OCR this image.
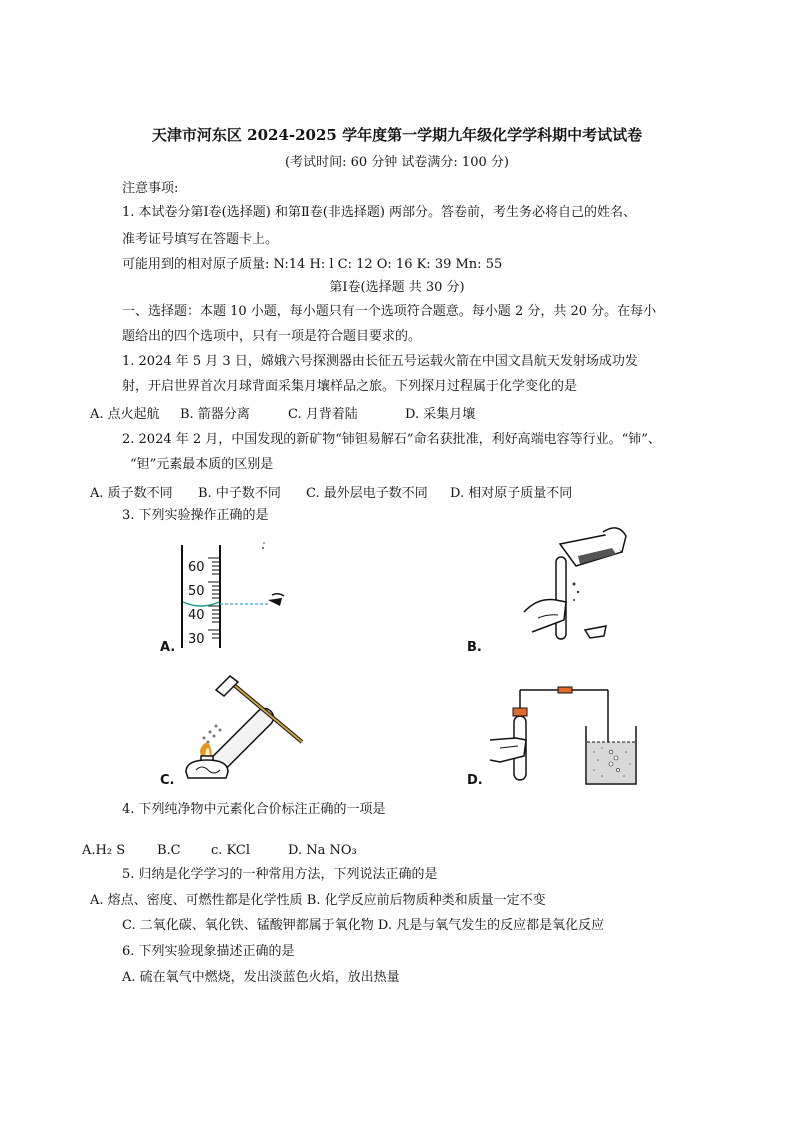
天津市河东区 2024-2025 学年度第一学期九年级化学学科期中考试试卷
(考试时间: 60 分钟 试卷满分: 100 分)
注意事项:
1. 本试卷分第Ⅰ卷(选择题) 和第Ⅱ卷(非选择题) 两部分。答卷前，考生务必将自己的姓名、
准考证号填写在答题卡上。
可能用到的相对原子质量: N:14 H: l C: 12 O: 16 K: 39 Mn: 55
第Ⅰ卷(选择题 共 30 分)
一、选择题：本题 10 小题，每小题只有一个选项符合题意。每小题 2 分，共 20 分。在每小
题给出的四个选项中，只有一项是符合题目要求的。
1. 2024 年 5 月 3 日，嫦娥六号探测器由长征五号运载火箭在中国文昌航天发射场成功发
射，开启世界首次月球背面采集月壤样品之旅。下列探月过程属于化学变化的是
A. 点火起航 B. 箭器分离	C. 月背着陆	D. 采集月壤
2. 2024 年 2 月，中国发现的新矿物“铈钽易解石”命名获批准，利好高端电容等行业。“铈”、
“钽”元素最本质的区别是
A. 质子数不同 B. 中子数不同 C. 最外层电子数不同 D. 相对原子质量不同
3. 下列实验操作正确的是
60
50
40
30
A.	B.
C.	D.
4. 下列纯净物中元素化合价标注正确的一项是
A.H₂ S B.C c. KCl	D. Na NO₃
5. 归纳是化学学习的一种常用方法，下列说法正确的是
A. 熔点、密度、可燃性都是化学性质 B. 化学反应前后物质种类和质量一定不变
C. 二氧化碳、氧化铁、锰酸钾都属于氧化物 D. 凡是与氧气发生的反应都是氧化反应
6. 下列实验现象描述正确的是
A. 硫在氧气中燃烧，发出淡蓝色火焰，放出热量
